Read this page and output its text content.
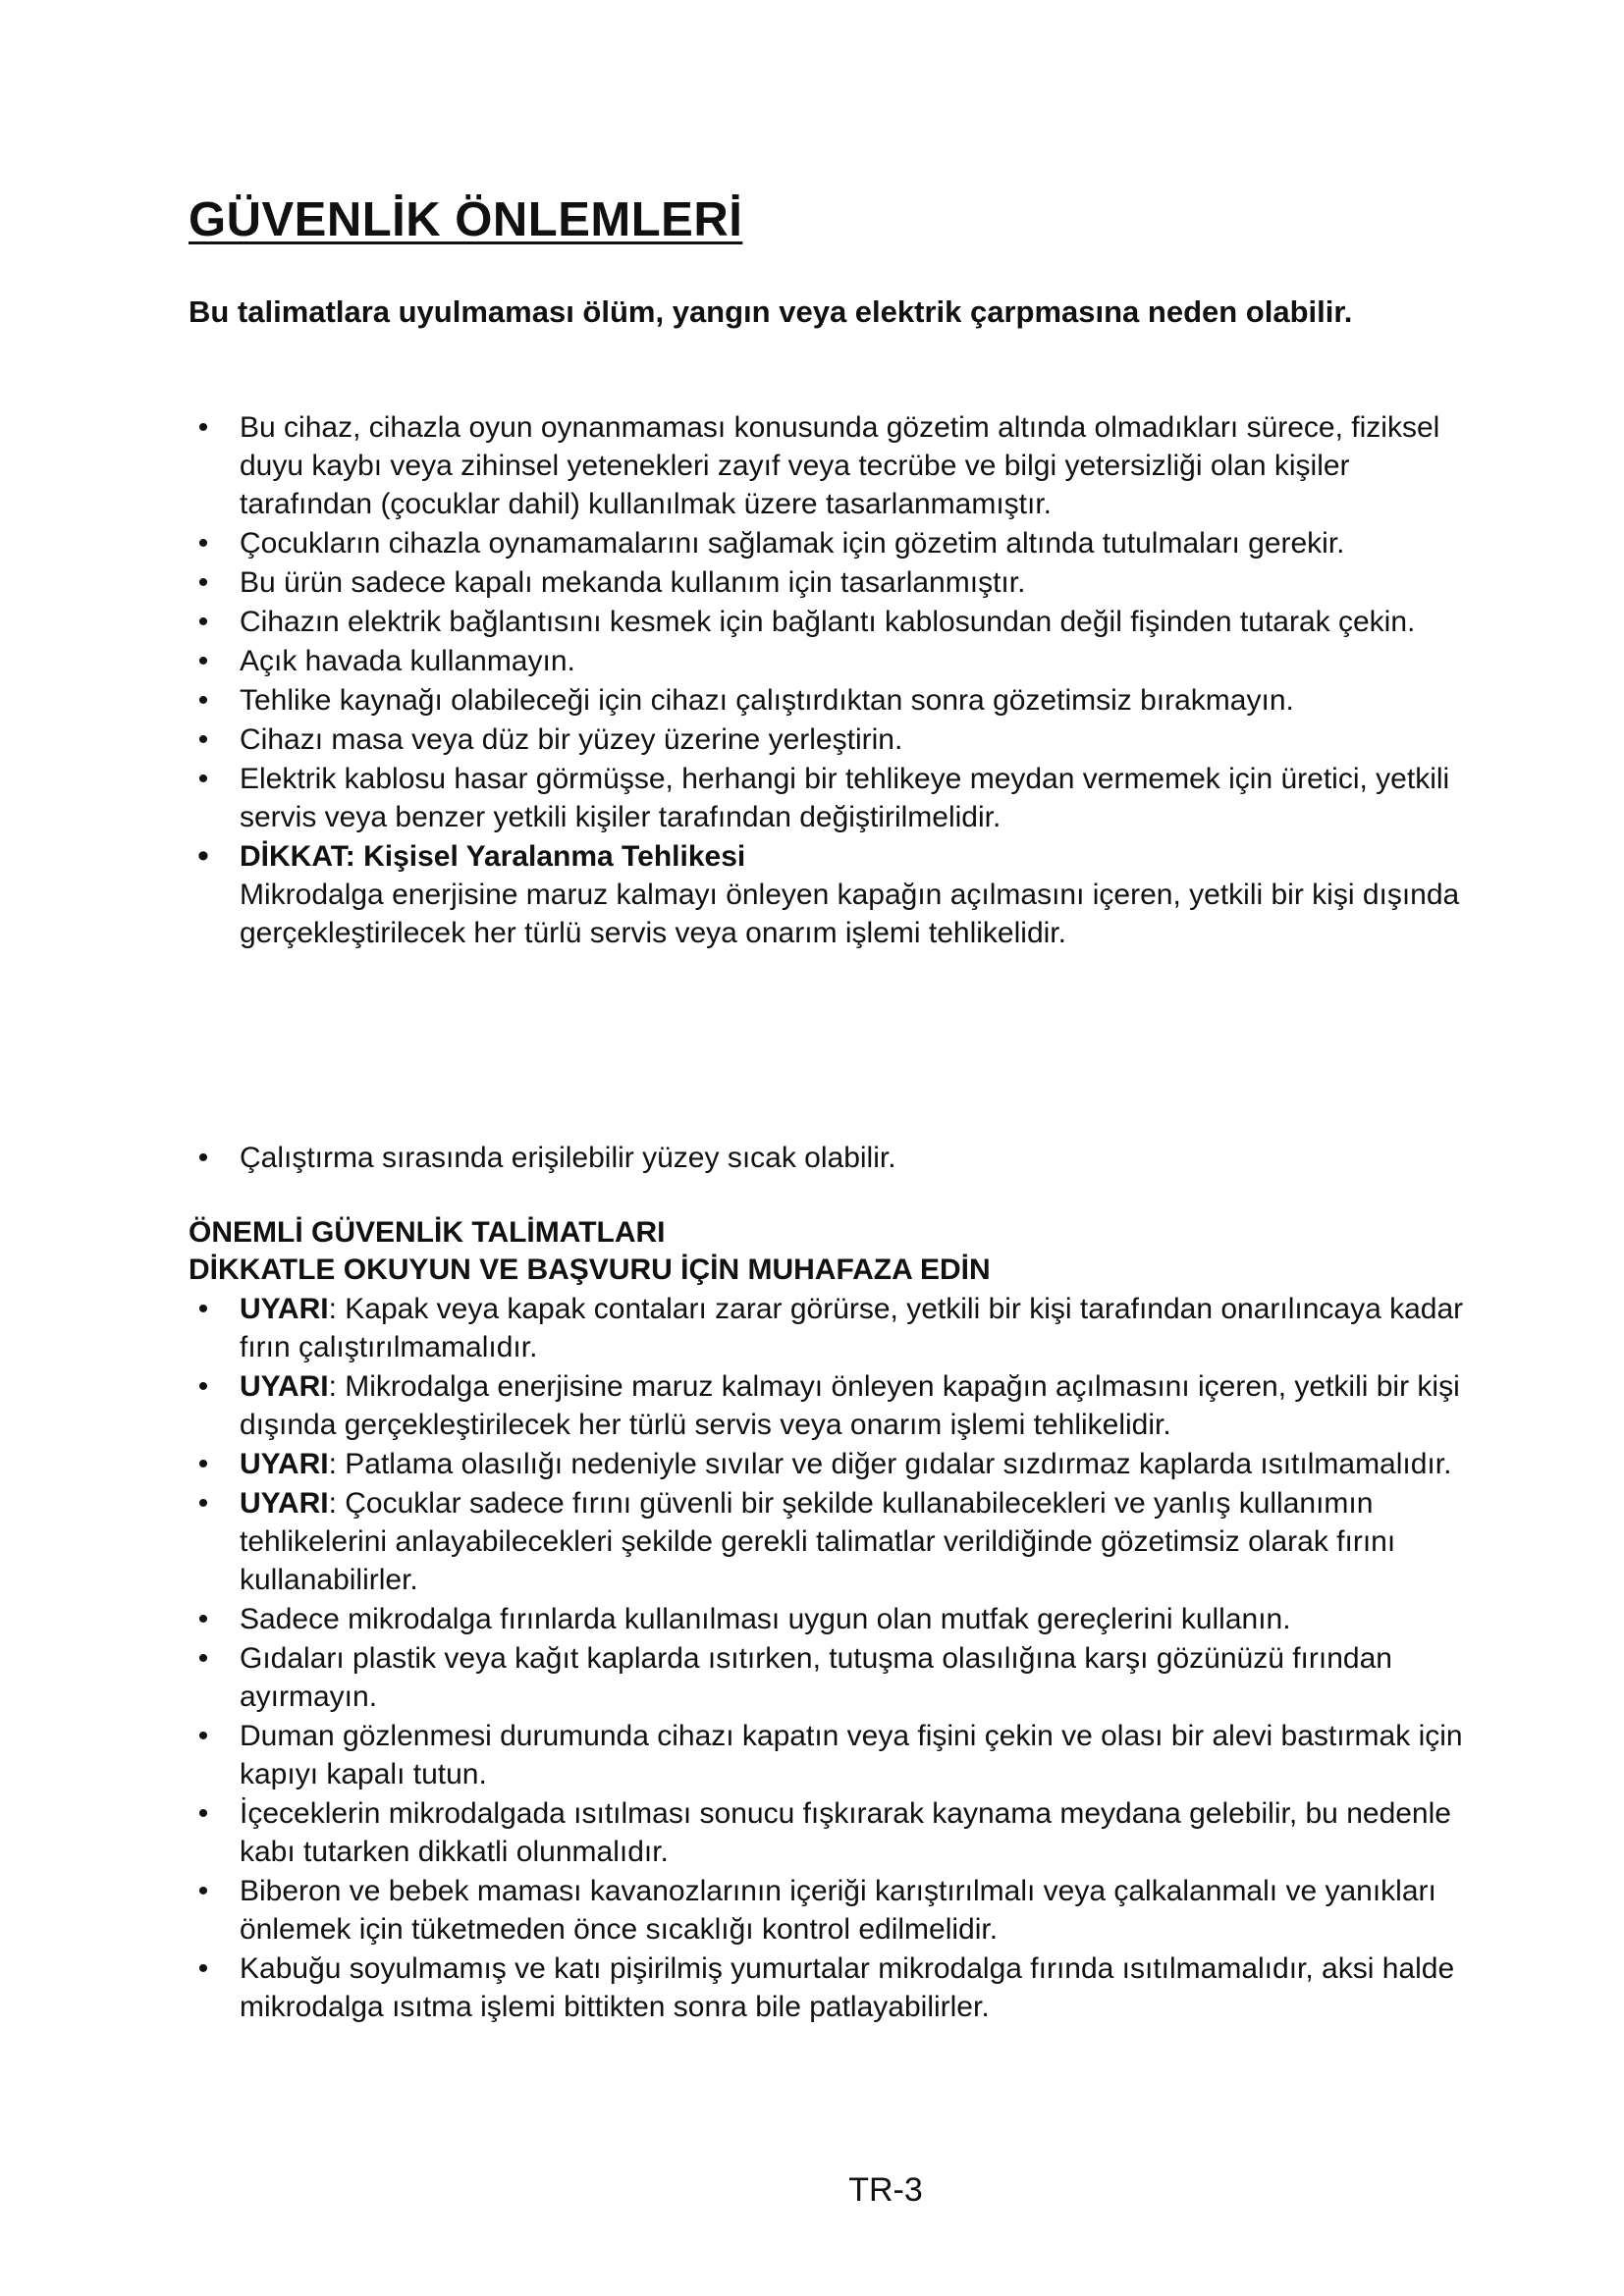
GÜVENLİK ÖNLEMLERİ

Bu talimatlara uyulmaması ölüm, yangın veya elektrik çarpmasına neden olabilir.

•	Bu cihaz, cihazla oyun oynanmaması konusunda gözetim altında olmadıkları sürece, fiziksel duyu kaybı veya zihinsel yetenekleri zayıf veya tecrübe ve bilgi yetersizliği olan kişiler tarafından (çocuklar dahil) kullanılmak üzere tasarlanmamıştır.
•	Çocukların cihazla oynamamalarını sağlamak için gözetim altında tutulmaları gerekir.
•	Bu ürün sadece kapalı mekanda kullanım için tasarlanmıştır.
•	Cihazın elektrik bağlantısını kesmek için bağlantı kablosundan değil fişinden tutarak çekin.
•	Açık havada kullanmayın.
•	Tehlike kaynağı olabileceği için cihazı çalıştırdıktan sonra gözetimsiz bırakmayın.
•	Cihazı masa veya düz bir yüzey üzerine yerleştirin.
•	Elektrik kablosu hasar görmüşse, herhangi bir tehlikeye meydan vermemek için üretici, yetkili servis veya benzer yetkili kişiler tarafından değiştirilmelidir.
•	DİKKAT: Kişisel Yaralanma Tehlikesi
Mikrodalga enerjisine maruz kalmayı önleyen kapağın açılmasını içeren, yetkili bir kişi dışında gerçekleştirilecek her türlü servis veya onarım işlemi tehlikelidir.
•	Çalıştırma sırasında erişilebilir yüzey sıcak olabilir.
ÖNEMLİ GÜVENLİK TALİMATLARI
DİKKATLE OKUYUN VE BAŞVURU İÇİN MUHAFAZA EDİN
•	UYARI: Kapak veya kapak contaları zarar görürse, yetkili bir kişi tarafından onarılıncaya kadar fırın çalıştırılmamalıdır.
•	UYARI: Mikrodalga enerjisine maruz kalmayı önleyen kapağın açılmasını içeren, yetkili bir kişi dışında gerçekleştirilecek her türlü servis veya onarım işlemi tehlikelidir.
•	UYARI: Patlama olasılığı nedeniyle sıvılar ve diğer gıdalar sızdırmaz kaplarda ısıtılmamalıdır.
•	UYARI: Çocuklar sadece fırını güvenli bir şekilde kullanabilecekleri ve yanlış kullanımın tehlikelerini anlayabilecekleri şekilde gerekli talimatlar verildiğinde gözetimsiz olarak fırını kullanabilirler.
•	Sadece mikrodalga fırınlarda kullanılması uygun olan mutfak gereçlerini kullanın.
•	Gıdaları plastik veya kağıt kaplarda ısıtırken, tutuşma olasılığına karşı gözünüzü fırından ayırmayın.
•	Duman gözlenmesi durumunda cihazı kapatın veya fişini çekin ve olası bir alevi bastırmak için kapıyı kapalı tutun.
•	İçeceklerin mikrodalgada ısıtılması sonucu fışkırarak kaynama meydana gelebilir, bu nedenle kabı tutarken dikkatli olunmalıdır.
•	Biberon ve bebek maması kavanozlarının içeriği karıştırılmalı veya çalkalanmalı ve yanıkları önlemek için tüketmeden önce sıcaklığı kontrol edilmelidir.
•	Kabuğu soyulmamış ve katı pişirilmiş yumurtalar mikrodalga fırında ısıtılmamalıdır, aksi halde mikrodalga ısıtma işlemi bittikten sonra bile patlayabilirler.
TR-3
